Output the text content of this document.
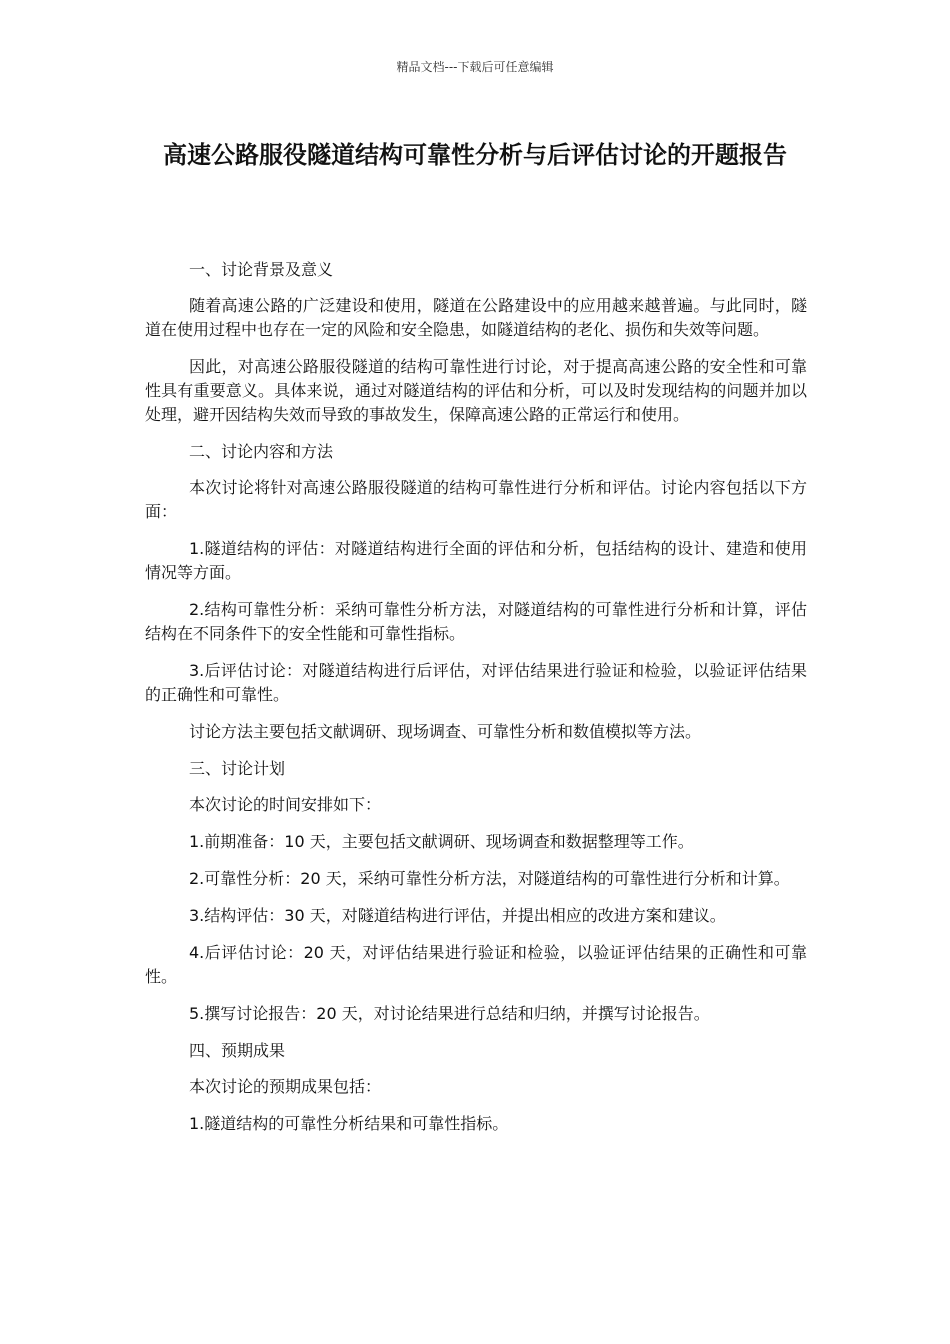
精品文档---下载后可任意编辑
高速公路服役隧道结构可靠性分析与后评估讨论的开题报告

一、讨论背景及意义

随着高速公路的广泛建设和使用，隧道在公路建设中的应用越来越普遍。与此同时，隧道在使用过程中也存在一定的风险和安全隐患，如隧道结构的老化、损伤和失效等问题。

因此，对高速公路服役隧道的结构可靠性进行讨论，对于提高高速公路的安全性和可靠性具有重要意义。具体来说，通过对隧道结构的评估和分析，可以及时发现结构的问题并加以处理，避开因结构失效而导致的事故发生，保障高速公路的正常运行和使用。

二、讨论内容和方法

本次讨论将针对高速公路服役隧道的结构可靠性进行分析和评估。讨论内容包括以下方面：

1.隧道结构的评估：对隧道结构进行全面的评估和分析，包括结构的设计、建造和使用情况等方面。

2.结构可靠性分析：采纳可靠性分析方法，对隧道结构的可靠性进行分析和计算，评估结构在不同条件下的安全性能和可靠性指标。

3.后评估讨论：对隧道结构进行后评估，对评估结果进行验证和检验，以验证评估结果的正确性和可靠性。

讨论方法主要包括文献调研、现场调查、可靠性分析和数值模拟等方法。

三、讨论计划

本次讨论的时间安排如下：

1.前期准备：10 天，主要包括文献调研、现场调查和数据整理等工作。

2.可靠性分析：20 天，采纳可靠性分析方法，对隧道结构的可靠性进行分析和计算。

3.结构评估：30 天，对隧道结构进行评估，并提出相应的改进方案和建议。

4.后评估讨论：20 天，对评估结果进行验证和检验，以验证评估结果的正确性和可靠性。

5.撰写讨论报告：20 天，对讨论结果进行总结和归纳，并撰写讨论报告。

四、预期成果

本次讨论的预期成果包括：

1.隧道结构的可靠性分析结果和可靠性指标。
